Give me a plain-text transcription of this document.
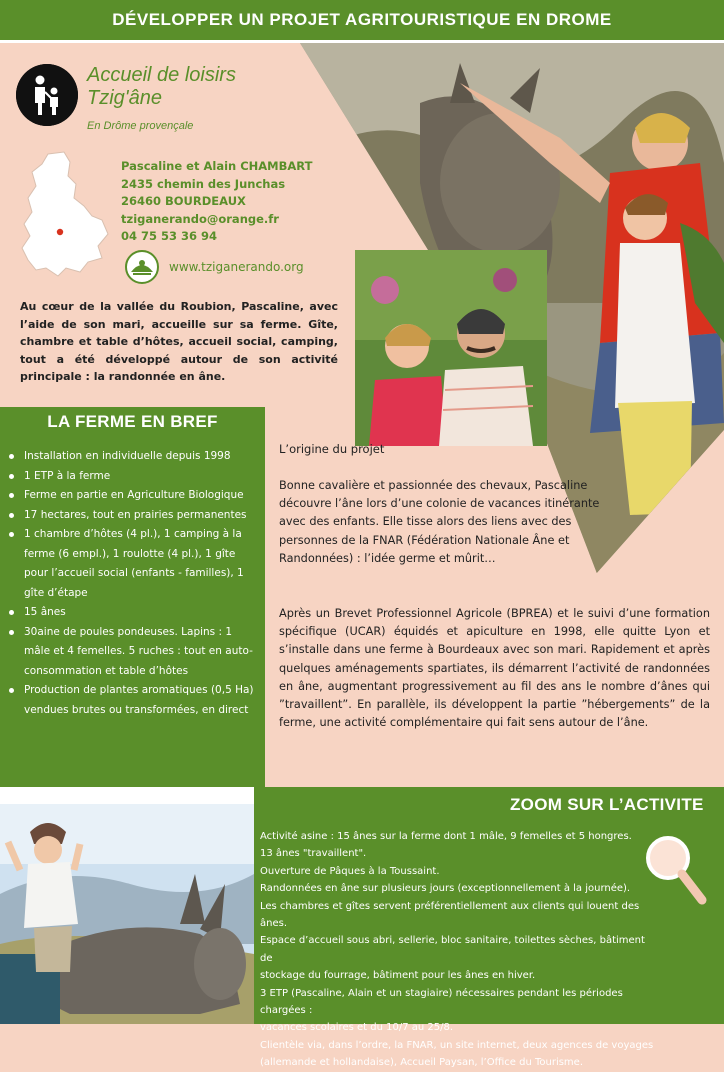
DÉVELOPPER UN PROJET AGRITOURISTIQUE EN DROME
Accueil de loisirs
Tzig'âne
En Drôme provençale
Pascaline et Alain CHAMBART
2435 chemin des Junchas
26460 BOURDEAUX
tziganerando@orange.fr
04 75 53 36 94
www.tziganerando.org
Au cœur de la vallée du Roubion, Pascaline, avec l’aide de son mari, accueille sur sa ferme. Gîte, chambre et table d’hôtes, accueil social, camping, tout a été développé autour de son activité principale : la randonnée en âne.
LA FERME EN BREF
Installation en individuelle depuis 1998
1 ETP à la ferme
Ferme en partie en Agriculture Biologique
17 hectares, tout en prairies permanentes
1 chambre d’hôtes (4 pl.), 1 camping à la ferme (6 empl.), 1 roulotte (4 pl.), 1 gîte pour l’accueil social (enfants - familles), 1 gîte d’étape
15 ânes
30aine de poules pondeuses. Lapins : 1 mâle et 4 femelles. 5 ruches : tout en auto-consommation et table d’hôtes
Production de plantes aromatiques (0,5 Ha) vendues brutes ou transformées, en direct
L’origine du projet
Bonne cavalière et passionnée des chevaux, Pascaline découvre l’âne lors d’une colonie de vacances itinérante avec des enfants. Elle tisse alors des liens avec des personnes de la FNAR (Fédération Nationale Âne et Randonnées) : l’idée germe et mûrit…
Après un Brevet Professionnel Agricole (BPREA) et le suivi d’une formation spécifique (UCAR) équidés et apiculture en 1998, elle quitte Lyon et s’installe dans une ferme à Bourdeaux avec son mari. Rapidement et après quelques aménagements spartiates, ils démarrent l’activité de randonnées en âne, augmentant progressivement au fil des ans le nombre d’ânes qui ”travaillent”. En parallèle, ils développent la partie ”hébergements” de la ferme, une activité complémentaire qui fait sens autour de l’âne.
ZOOM SUR L’ACTIVITE
Activité asine : 15 ânes sur la ferme dont 1 mâle, 9 femelles et 5 hongres.
13 ânes "travaillent".
Ouverture de Pâques à la Toussaint.
Randonnées en âne sur plusieurs jours (exceptionnellement à la journée).
Les chambres et gîtes servent préférentiellement aux clients qui louent des ânes.
Espace d’accueil sous abri, sellerie, bloc sanitaire, toilettes sèches, bâtiment de
stockage du fourrage, bâtiment pour les ânes en hiver.
3 ETP (Pascaline, Alain et un stagiaire) nécessaires pendant les périodes chargées :
vacances scolaires et du 10/7 au 25/8.
Clientèle via, dans l’ordre, la FNAR, un site internet, deux agences de voyages
(allemande et hollandaise), Accueil Paysan, l’Office du Tourisme.
